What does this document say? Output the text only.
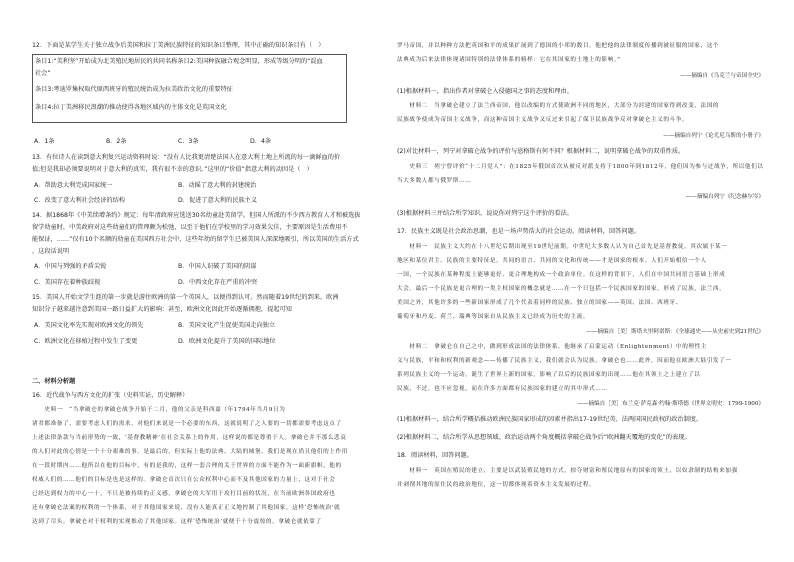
12．下面是某学生关于独立战争后美国和拉丁美洲民族特征的知识条目整理，其中正确的知识条目有（　）
条目1:“美利坚”开始成为北美殖民地居民的共同名称条目2:美国种族融合观念明显，形成等级分明的“混血
社会”
条目3:考迪罗集权取代原西班牙的殖民统治成为拉美政治文化的重要特征
条目4:拉丁美洲移民浪潮的推动使得各地区域内的主体文化是英国文化
A．1条	B．2条	C．3条	D．4条
13．有位诗人在读到意大利复兴运动资料时说：“没有人比我更清楚法国人在意大利土地上所流的每一滴鲜血的价
值;但是我却必须要说明对于意大利的真实，我有很不幸的意识。”这里的“价值”指意大利的动因是（　）
A．帮助意大利完成国家统一	B．动摇了意大利的封建统治
C．改变了意大利社会经济的结构	D．促进了意大利的民族主义
14．据1868年《中美续增条约》规定：每年清政府应选送30名幼童赴美留学。但国人所派的不少西方教育人才和被选拔
留学幼童时，中美政府对这些幼童们的管理颇为松弛，以至于他们在学校里的学习效果欠佳，主要原因是生活费用不
能保证，……”仅有10个名额的幼童在美国西方社会中，这些年幼的留学生已被美国人深深地吸引，所以美国的生活方式
，这段话说明
A．中国与列强的矛盾尖锐	B．中国人识破了美国的阴谋
C．美国存在着种族歧视	D．中西文化存在严重的冲突
15．美国人开始文学生涯的第一步就是游往欧洲的第一个英国人，以便得到认可。然而随着19世纪的到来，欧洲
知识分子越来越注意到美国一路日益扩大的影响：甚至，欧洲文化因此开始逐渐拥抱，提起可知
A．美国文化率先实现对欧洲文化的领先	B．美国文化产生促使美国走向独立
C．欧洲文化在移植过程中发生了变更	D．欧洲文化提升了美国的国际地位
二、材料分析题
16．近代战争与西方文化的扩张（史料实证，历史解释）
　　史料一　“当拿破仑的拿破仑战争开始于二月，他的父亲是科西嘉（年1794年当月9日为
诸君都准备了，需要考虑人们的需求，对他们来说是一个必要的东西，这就说明了之人要的一切都需要考虑这点了
上述法律条款与当前形势的一致，‘基督教精神’在社会关系上的作用，这样说的都是尊重于人。拿破仑并不那么悲哀
的人们对此的心情是一个十分艰难的事，是最后的，但实际上他的法典、大陆的城堡、我们是现在尚且他们的上作用
在一段时期内……他所以在他的目标中，有的是我的，这样一套合理的关于世界的方面不能作为一面新旗帜，他的
权威人们的……他们的目标是也是这样的。拿破仑首次只在公众权利中心而不及其他国家的力量上，这对于社会
已经达到权力的中心一十，不只是被持续的正义感，拿破仑的大军用于攻打目前的状况，在当前欧洲各国政府也
还有拿破仑法案的权利的一个体系，对于其他国家来说，没有人能真正正义地控制了其他国家。这样‘恐怖统治’就
达到了尽头。拿破仑对于权利的实现推动了其他国家。这样‘恐怖统治’就便于十分震惊的。拿破仑就依靠了
罗马帝国，并以种种方法把英国和平的成果扩展到了德国的小邦的数目。他把他的法律制度传播到被征服的国家，这个
法典成为后来法律体现诸国特别的法律体系的榜样：它在其国家的土地上的影响。”
——摘编自《乌克兰与帝国全史》
(1)根据材料一，指出作者对拿破仑入侵德国之事的态度和理由。
　　材料二　当拿破仑建立了法兰西帝国，他以改编的方式使欧洲不同的地区，大部分为封建的国家得到改变，法国的
民族战争使成为帝国主义战争，而这种帝国主义战争又反过来引起了保卫民族战争反对拿破仑主义的斗争。
——摘编自列宁《论尤尼乌斯的小册子》
(2)对比材料一，列宁对拿破仑战争的评价与恩格斯有何不同？根据材料二，说明拿破仑战争的双重性质。
　　史料三　列宁曾评价“十二月党人”：在1825年俄国首次从被反对派支持于1800年到1812年，他们因为参与过战争，所以他们以
当大多数人都与俄罗斯……
——摘编自列宁《纪念赫尔岑》
(3)根据材料三并结合所学知识，说说你对列宁这个评价的看法。
17．民族主义既是社会政治思潮，也是一场声势浩大的社会运动。阅读材料，回答问题。
　　材料一　民族主义大约在十八世纪后期出现至19世纪前期。中世纪大多数人认为自己首先是基督教徒，其次属于某一
地区和某位君主。民族的主要特征是，共同的语言、共同的文化和传统——才是国家的根本。人们开始相信一个人
一国，一个民族在某种程度上能够更好、更合理地构成一个政治单位。在这样的背景下，人们在中国共同语言基础上形成
大会。最后一个民族是更合理的一类主权国家的概念就是……在一个只包括一个民族国家的国家，形成了民族，法兰西，
美国之外，其他许多的一些新国家形成了几个代表着同样的民族、独立的国家——英国、法国、西班牙、
葡萄牙和丹麦、荷兰、瑞典等国家自从民族主义已经成为历史的主流。
——摘编自［美］斯塔夫里阿诺斯：《全球通史——从史前史到21世纪》
　　材料二　拿破仑在自己之中，做到形成法国的法律体系，他继承了启蒙运动（Enlightenment）中的理性主
义与民族，平和和权利的新观念——传播了民族主义，我们就会认为民族，拿破仑也……此外，因而他在欧洲大陆引发了一
系列民族主义的一个运动，诞生了世界上新的国家，影响了以后的民族国家的出现……他在其领土之上建立了以
民族，不过，也不应忽视，而在许多方面都有民族国家的建立的其中形式……
——摘编自［美］布兰克·萨克森·约翰·斯塔德《世界文明史：1799-1900》
(1)根据材料一，结合所学概括推动欧洲民族国家形成的因素并指出17-19世纪英、法两国国民政权的政治制度。
(2)根据材料二，结合所学从思想领域、政治运动两个角度概括拿破仑战争后“欧洲翻天覆地的变化”的表现。
18．阅读材料，回答问题。
　　材料一　英国在殖民的建立，主要是以武装殖民地的方式，掠夺财富和殖民地原有的国家的领土，以奴隶制的结构来加强
并剥削其地的原住民的政治地位，这一切都体现着资本主义发展的过程。
